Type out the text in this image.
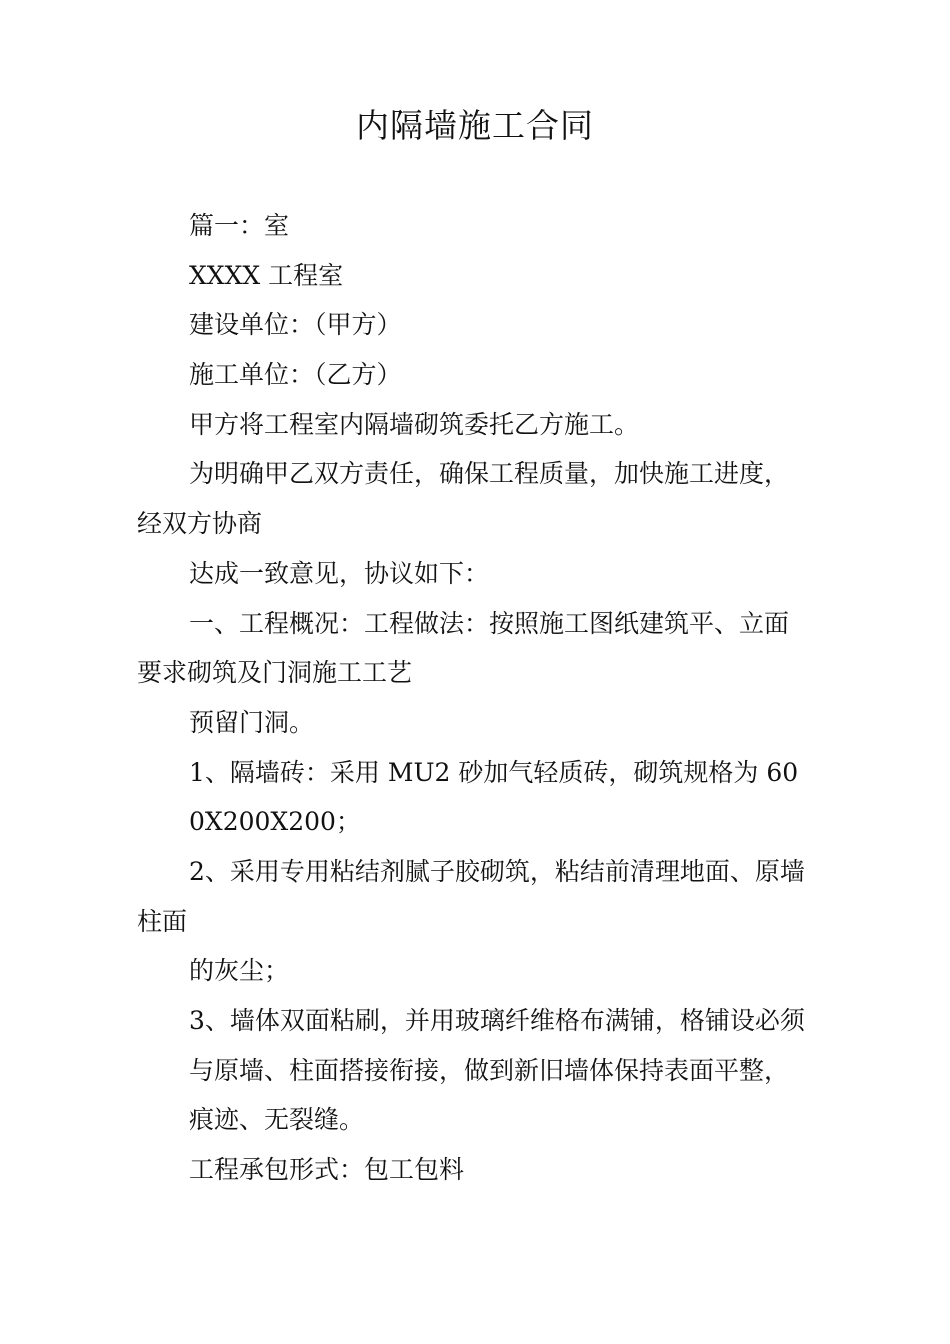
内隔墙施工合同
篇一：室
XXXX 工程室
建设单位：（甲方）
施工单位：（乙方）
甲方将工程室内隔墙砌筑委托乙方施工。
为明确甲乙双方责任，确保工程质量，加快施工进度，
经双方协商
达成一致意见，协议如下：
一、工程概况：工程做法：按照施工图纸建筑平、立面
要求砌筑及门洞施工工艺
预留门洞。
1、隔墙砖：采用 MU2 砂加气轻质砖，砌筑规格为 60
0X200X200；
2、采用专用粘结剂腻子胶砌筑，粘结前清理地面、原墙
柱面
的灰尘；
3、墙体双面粘刷，并用玻璃纤维格布满铺，格铺设必须
与原墙、柱面搭接衔接，做到新旧墙体保持表面平整，
痕迹、无裂缝。
工程承包形式：包工包料
